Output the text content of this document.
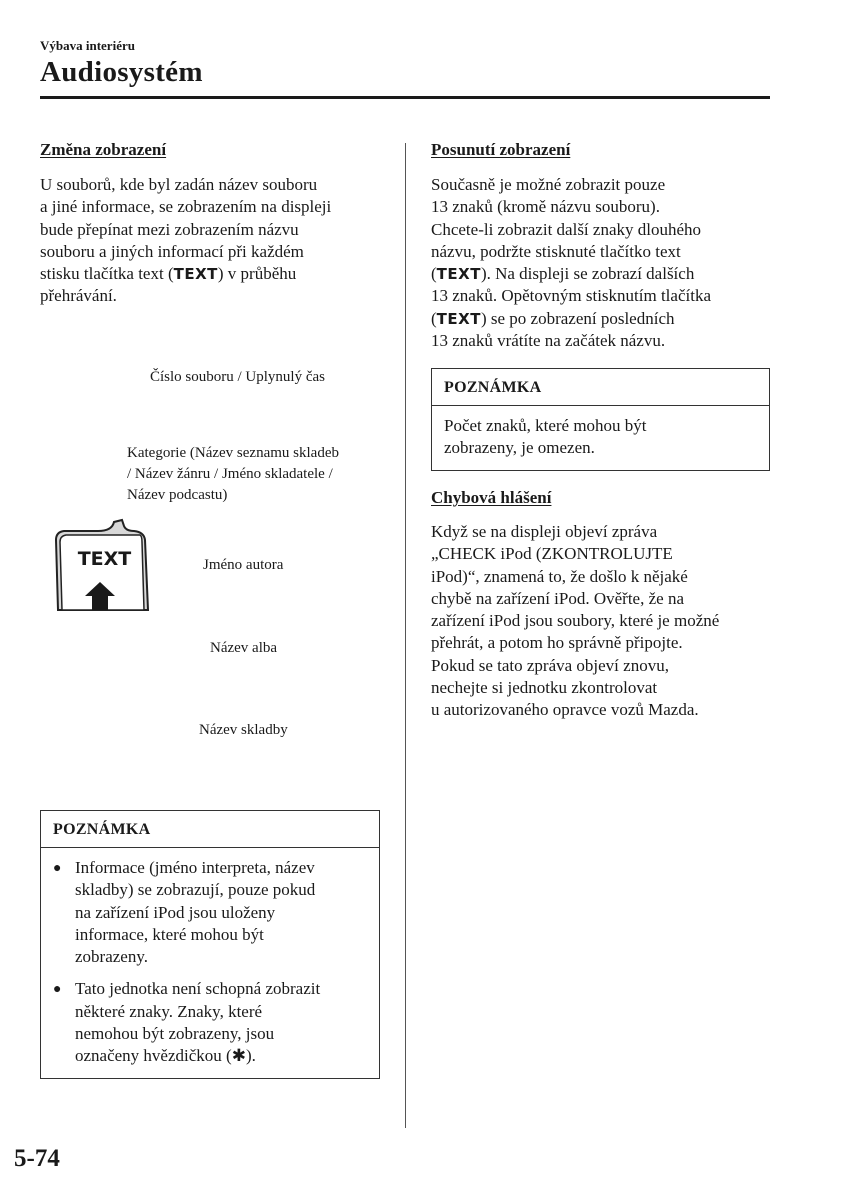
Výbava interiéru
Audiosystém
Změna zobrazení
U souborů, kde byl zadán název souboru
a jiné informace, se zobrazením na displeji
bude přepínat mezi zobrazením názvu
souboru a jiných informací při každém
stisku tlačítka text (TEXT) v průběhu
přehrávání.
Číslo souboru / Uplynulý čas
Kategorie (Název seznamu skladeb
/ Název žánru / Jméno skladatele /
Název podcastu)
TEXT	Jméno autora
Název alba
Název skladby
POZNÁMKA
● Informace (jméno interpreta, název
skladby) se zobrazují, pouze pokud
na zařízení iPod jsou uloženy
informace, které mohou být
zobrazeny.
● Tato jednotka není schopná zobrazit
některé znaky. Znaky, které
nemohou být zobrazeny, jsou
označeny hvězdičkou (✱).
Posunutí zobrazení
Současně je možné zobrazit pouze
13 znaků (kromě názvu souboru).
Chcete-li zobrazit další znaky dlouhého
názvu, podržte stisknuté tlačítko text
(TEXT). Na displeji se zobrazí dalších
13 znaků. Opětovným stisknutím tlačítka
(TEXT) se po zobrazení posledních
13 znaků vrátíte na začátek názvu.
POZNÁMKA
Počet znaků, které mohou být
zobrazeny, je omezen.
Chybová hlášení
Když se na displeji objeví zpráva
„CHECK iPod (ZKONTROLUJTE
iPod)“, znamená to, že došlo k nějaké
chybě na zařízení iPod. Ověřte, že na
zařízení iPod jsou soubory, které je možné
přehrát, a potom ho správně připojte.
Pokud se tato zpráva objeví znovu,
nechejte si jednotku zkontrolovat
u autorizovaného opravce vozů Mazda.
5-74
